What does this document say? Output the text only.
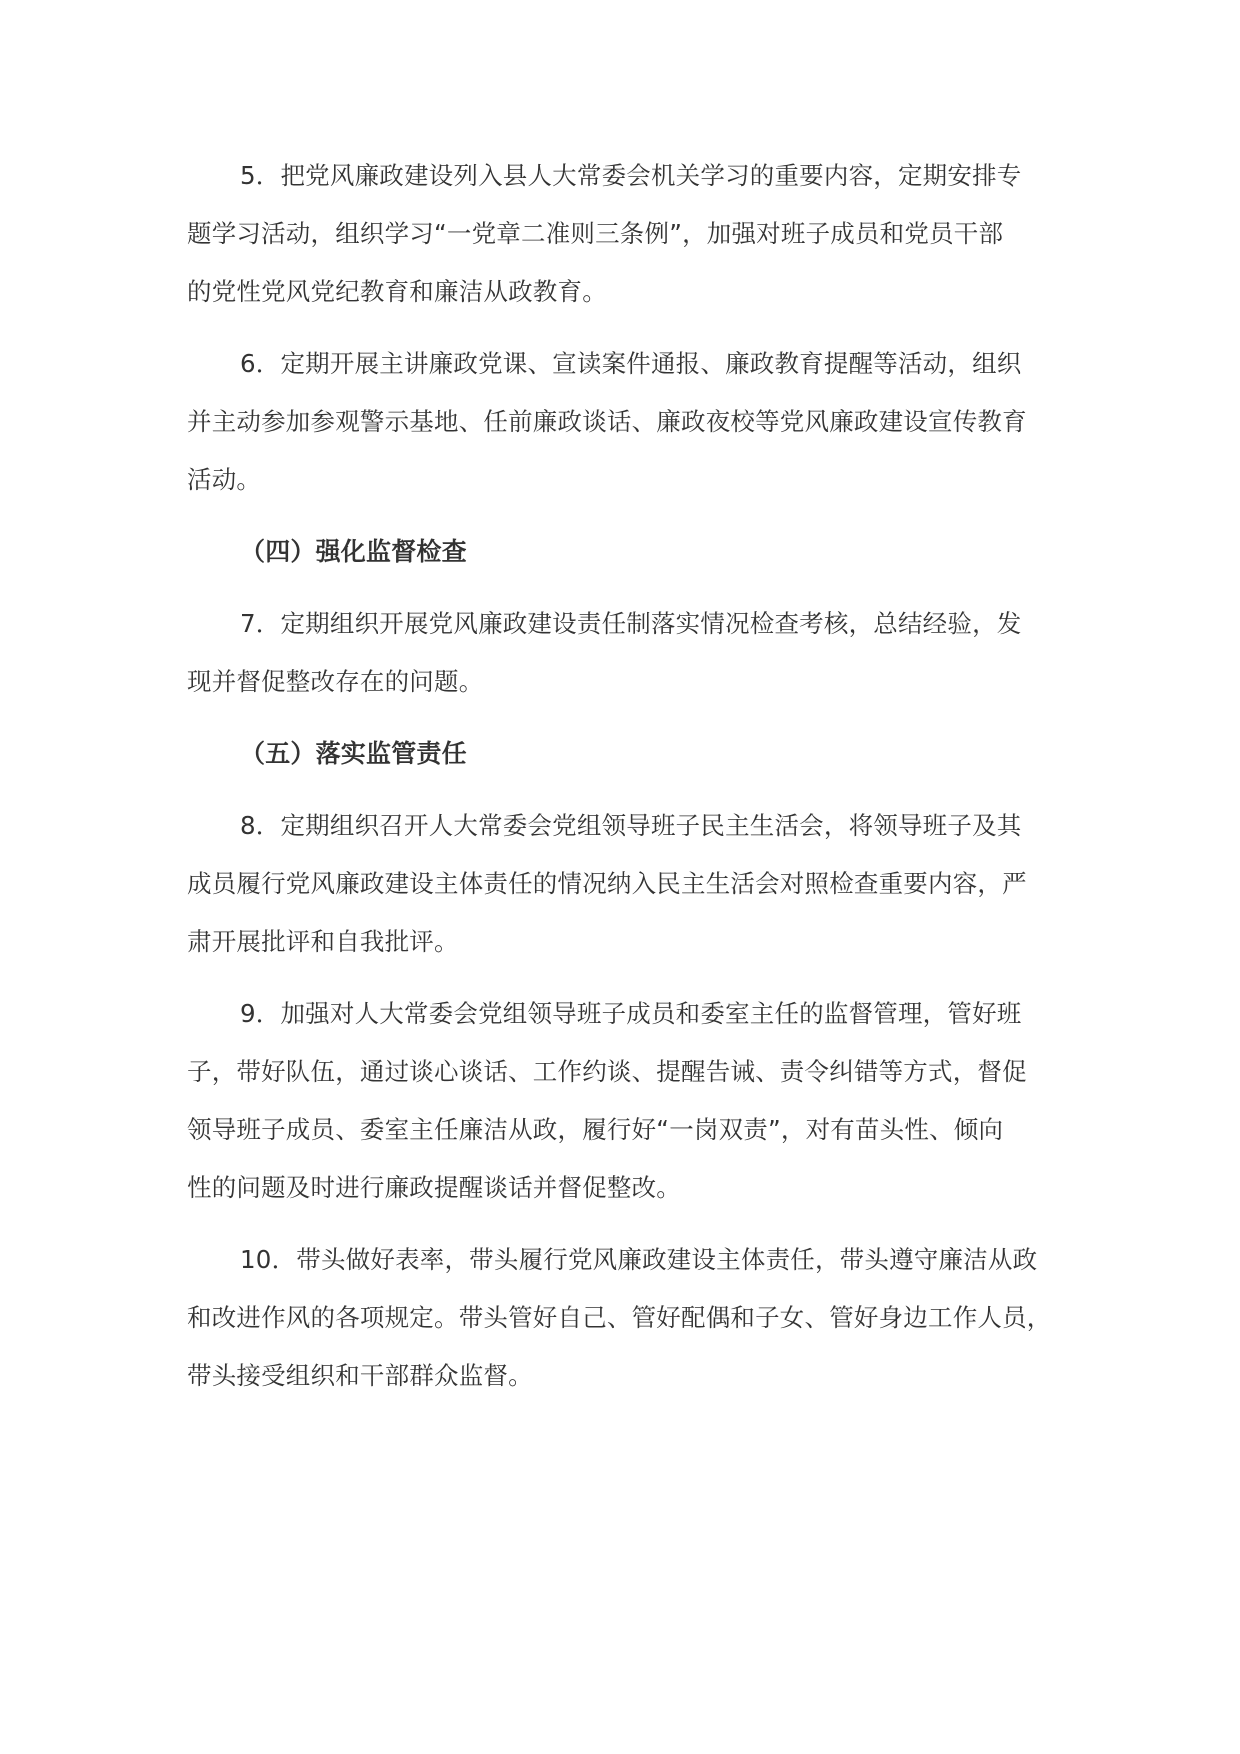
5．把党风廉政建设列入县人大常委会机关学习的重要内容，定期安排专
题学习活动，组织学习“一党章二准则三条例”，加强对班子成员和党员干部
的党性党风党纪教育和廉洁从政教育。
6．定期开展主讲廉政党课、宣读案件通报、廉政教育提醒等活动，组织
并主动参加参观警示基地、任前廉政谈话、廉政夜校等党风廉政建设宣传教育
活动。
（四）强化监督检查
7．定期组织开展党风廉政建设责任制落实情况检查考核，总结经验，发
现并督促整改存在的问题。
（五）落实监管责任
8．定期组织召开人大常委会党组领导班子民主生活会，将领导班子及其
成员履行党风廉政建设主体责任的情况纳入民主生活会对照检查重要内容，严
肃开展批评和自我批评。
9．加强对人大常委会党组领导班子成员和委室主任的监督管理，管好班
子，带好队伍，通过谈心谈话、工作约谈、提醒告诫、责令纠错等方式，督促
领导班子成员、委室主任廉洁从政，履行好“一岗双责”，对有苗头性、倾向
性的问题及时进行廉政提醒谈话并督促整改。
10．带头做好表率，带头履行党风廉政建设主体责任，带头遵守廉洁从政
和改进作风的各项规定。带头管好自己、管好配偶和子女、管好身边工作人员，
带头接受组织和干部群众监督。
